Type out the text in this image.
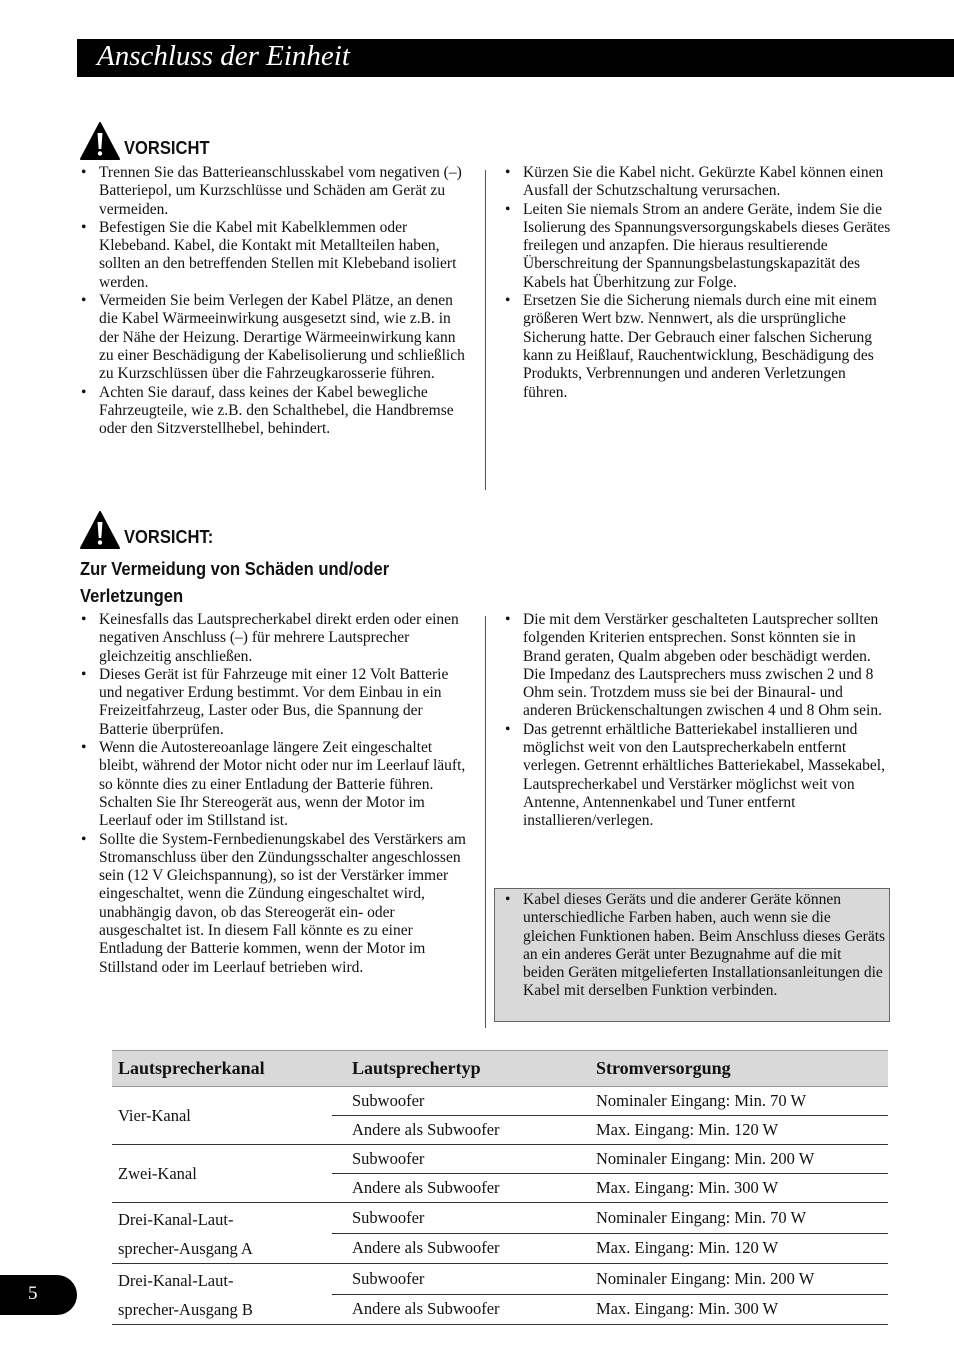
Anschluss der Einheit
VORSICHT
• Trennen Sie das Batterieanschlusskabel vom negativen (–) Batteriepol, um Kurzschlüsse und Schäden am Gerät zu vermeiden.
• Befestigen Sie die Kabel mit Kabelklemmen oder Klebeband. Kabel, die Kontakt mit Metallteilen haben, sollten an den betreffenden Stellen mit Klebeband isoliert werden.
• Vermeiden Sie beim Verlegen der Kabel Plätze, an denen die Kabel Wärmeeinwirkung ausgesetzt sind, wie z.B. in der Nähe der Heizung. Derartige Wärmeeinwirkung kann zu einer Beschädigung der Kabelisolierung und schließlich zu Kurzschlüssen über die Fahrzeugkarosserie führen.
• Achten Sie darauf, dass keines der Kabel bewegliche Fahrzeugteile, wie z.B. den Schalthebel, die Handbremse oder den Sitzverstellhebel, behindert.
• Kürzen Sie die Kabel nicht. Gekürzte Kabel können einen Ausfall der Schutzschaltung verursachen.
• Leiten Sie niemals Strom an andere Geräte, indem Sie die Isolierung des Spannungsversorgungskabels dieses Gerätes freilegen und anzapfen. Die hieraus resultierende Überschreitung der Spannungsbelastungskapazität des Kabels hat Überhitzung zur Folge.
• Ersetzen Sie die Sicherung niemals durch eine mit einem größeren Wert bzw. Nennwert, als die ursprüngliche Sicherung hatte. Der Gebrauch einer falschen Sicherung kann zu Heißlauf, Rauchentwicklung, Beschädigung des Produkts, Verbrennungen und anderen Verletzungen führen.
VORSICHT:
Zur Vermeidung von Schäden und/oder Verletzungen
• Keinesfalls das Lautsprecherkabel direkt erden oder einen negativen Anschluss (–) für mehrere Lautsprecher gleichzeitig anschließen.
• Dieses Gerät ist für Fahrzeuge mit einer 12 Volt Batterie und negativer Erdung bestimmt. Vor dem Einbau in ein Freizeitfahrzeug, Laster oder Bus, die Spannung der Batterie überprüfen.
• Wenn die Autostereoanlage längere Zeit eingeschaltet bleibt, während der Motor nicht oder nur im Leerlauf läuft, so könnte dies zu einer Entladung der Batterie führen. Schalten Sie Ihr Stereogerät aus, wenn der Motor im Leerlauf oder im Stillstand ist.
• Sollte die System-Fernbedienungskabel des Verstärkers am Stromanschluss über den Zündungsschalter angeschlossen sein (12 V Gleichspannung), so ist der Verstärker immer eingeschaltet, wenn die Zündung eingeschaltet wird, unabhängig davon, ob das Stereogerät ein- oder ausgeschaltet ist. In diesem Fall könnte es zu einer Entladung der Batterie kommen, wenn der Motor im Stillstand oder im Leerlauf betrieben wird.
• Die mit dem Verstärker geschalteten Lautsprecher sollten folgenden Kriterien entsprechen. Sonst könnten sie in Brand geraten, Qualm abgeben oder beschädigt werden. Die Impedanz des Lautsprechers muss zwischen 2 und 8 Ohm sein. Trotzdem muss sie bei der Binaural- und anderen Brückenschaltungen zwischen 4 und 8 Ohm sein.
• Das getrennt erhältliche Batteriekabel installieren und möglichst weit von den Lautsprecherkabeln entfernt verlegen. Getrennt erhältliches Batteriekabel, Massekabel, Lautsprecherkabel und Verstärker möglichst weit von Antenne, Antennenkabel und Tuner entfernt installieren/verlegen.
• Kabel dieses Geräts und die anderer Geräte können unterschiedliche Farben haben, auch wenn sie die gleichen Funktionen haben. Beim Anschluss dieses Geräts an ein anderes Gerät unter Bezugnahme auf die mit beiden Geräten mitgelieferten Installationsanleitungen die Kabel mit derselben Funktion verbinden.
Lautsprecherkanal	Lautsprechertyp	Stromversorgung
Vier-Kanal	Subwoofer	Nominaler Eingang: Min. 70 W
	Andere als Subwoofer	Max. Eingang: Min. 120 W
Zwei-Kanal	Subwoofer	Nominaler Eingang: Min. 200 W
	Andere als Subwoofer	Max. Eingang: Min. 300 W

Drei-Kanal-Laut-
sprecher-Ausgang A	Subwoofer	Nominaler Eingang: Min. 70 W
	Andere als Subwoofer	Max. Eingang: Min. 120 W

Drei-Kanal-Laut-
sprecher-Ausgang B	Subwoofer	Nominaler Eingang: Min. 200 W
	Andere als Subwoofer	Max. Eingang: Min. 300 W
5
